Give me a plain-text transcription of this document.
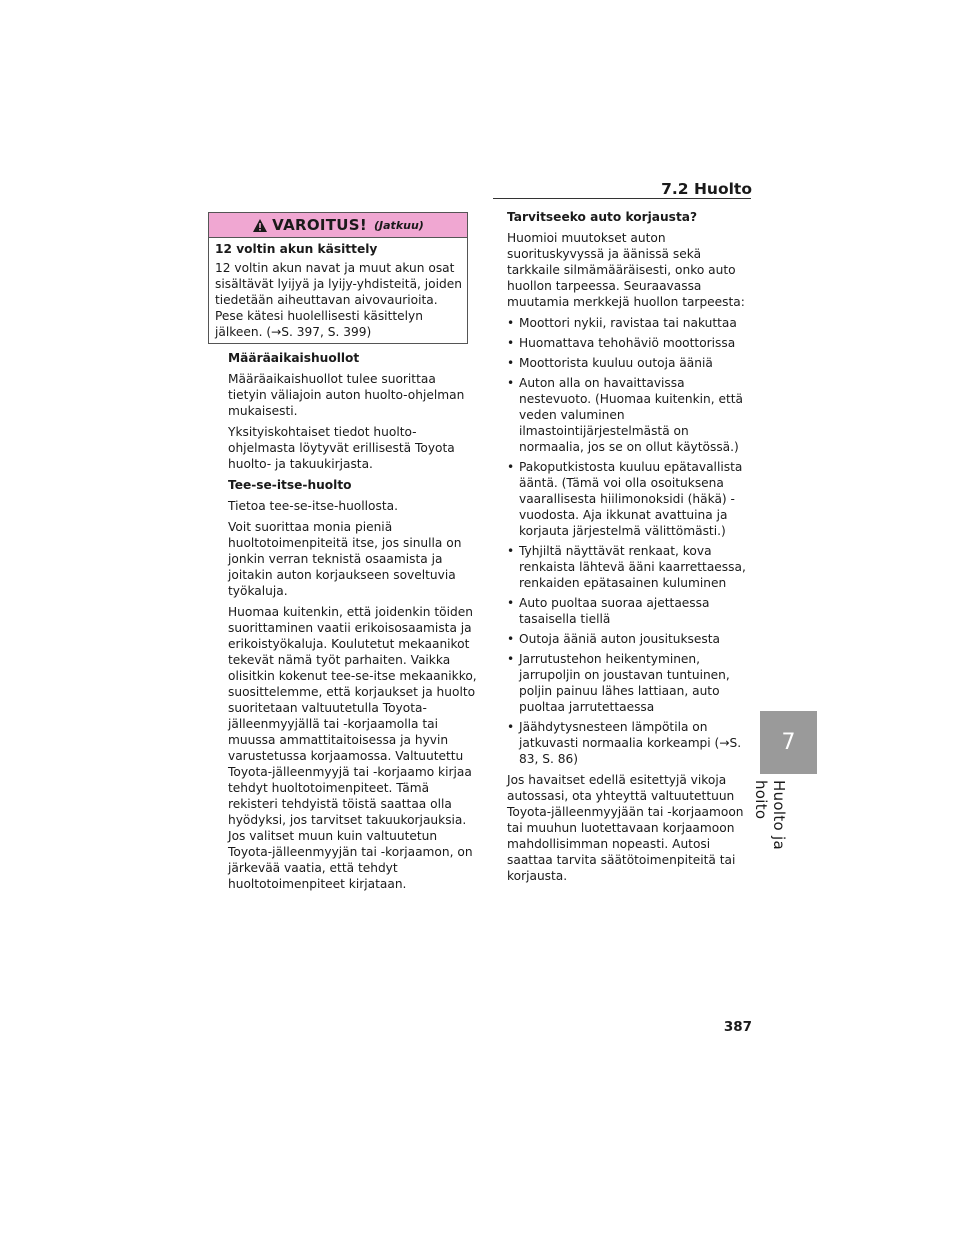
7.2 Huolto
7
Huolto ja hoito
VAROITUS! (Jatkuu)
12 voltin akun käsittely
12 voltin akun navat ja muut akun osat sisältävät lyijyä ja lyijy-yhdisteitä, joiden tiedetään aiheuttavan aivovaurioita. Pese kätesi huolellisesti käsittelyn jälkeen. (→S. 397, S. 399)
Määräaikaishuollot

Määräaikaishuollot tulee suorittaa tietyin väliajoin auton huolto-ohjelman mukaisesti.

Yksityiskohtaiset tiedot huolto-ohjelmasta löytyvät erillisestä Toyota huolto- ja takuukirjasta.

Tee-se-itse-huolto

Tietoa tee-se-itse-huollosta.

Voit suorittaa monia pieniä huoltotoimenpiteitä itse, jos sinulla on jonkin verran teknistä osaamista ja joitakin auton korjaukseen soveltuvia työkaluja.

Huomaa kuitenkin, että joidenkin töiden suorittaminen vaatii erikoisosaamista ja erikoistyökaluja. Koulutetut mekaanikot tekevät nämä työt parhaiten. Vaikka olisitkin kokenut tee-se-itse mekaanikko, suosittelemme, että korjaukset ja huolto suoritetaan valtuutetulla Toyota-jälleenmyyjällä tai -korjaamolla tai muussa ammattitaitoisessa ja hyvin varustetussa korjaamossa. Valtuutettu Toyota-jälleenmyyjä tai -korjaamo kirjaa tehdyt huoltotoimenpiteet. Tämä rekisteri tehdyistä töistä saattaa olla hyödyksi, jos tarvitset takuukorjauksia. Jos valitset muun kuin valtuutetun Toyota-jälleenmyyjän tai -korjaamon, on järkevää vaatia, että tehdyt huoltotoimenpiteet kirjataan.

Tarvitseeko auto korjausta?

Huomioi muutokset auton suorituskyvyssä ja äänissä sekä tarkkaile silmämääräisesti, onko auto huollon tarpeessa. Seuraavassa muutamia merkkejä huollon tarpeesta:

• Moottori nykii, ravistaa tai nakuttaa
• Huomattava tehohäviö moottorissa
• Moottorista kuuluu outoja ääniä
• Auton alla on havaittavissa nestevuoto. (Huomaa kuitenkin, että veden valuminen ilmastointijärjestelmästä on normaalia, jos se on ollut käytössä.)
• Pakoputkistosta kuuluu epätavallista ääntä. (Tämä voi olla osoituksena vaarallisesta hiilimonoksidi (häkä) -vuodosta. Aja ikkunat avattuina ja korjauta järjestelmä välittömästi.)
• Tyhjiltä näyttävät renkaat, kova renkaista lähtevä ääni kaarrettaessa, renkaiden epätasainen kuluminen
• Auto puoltaa suoraa ajettaessa tasaisella tiellä
• Outoja ääniä auton jousituksesta
• Jarrutustehon heikentyminen, jarrupoljin on joustavan tuntuinen, poljin painuu lähes lattiaan, auto puoltaa jarrutettaessa
• Jäähdytysnesteen lämpötila on jatkuvasti normaalia korkeampi (→S. 83, S. 86)

Jos havaitset edellä esitettyjä vikoja autossasi, ota yhteyttä valtuutettuun Toyota-jälleenmyyjään tai -korjaamoon tai muuhun luotettavaan korjaamoon mahdollisimman nopeasti. Autosi saattaa tarvita säätötoimenpiteitä tai korjausta.

387
